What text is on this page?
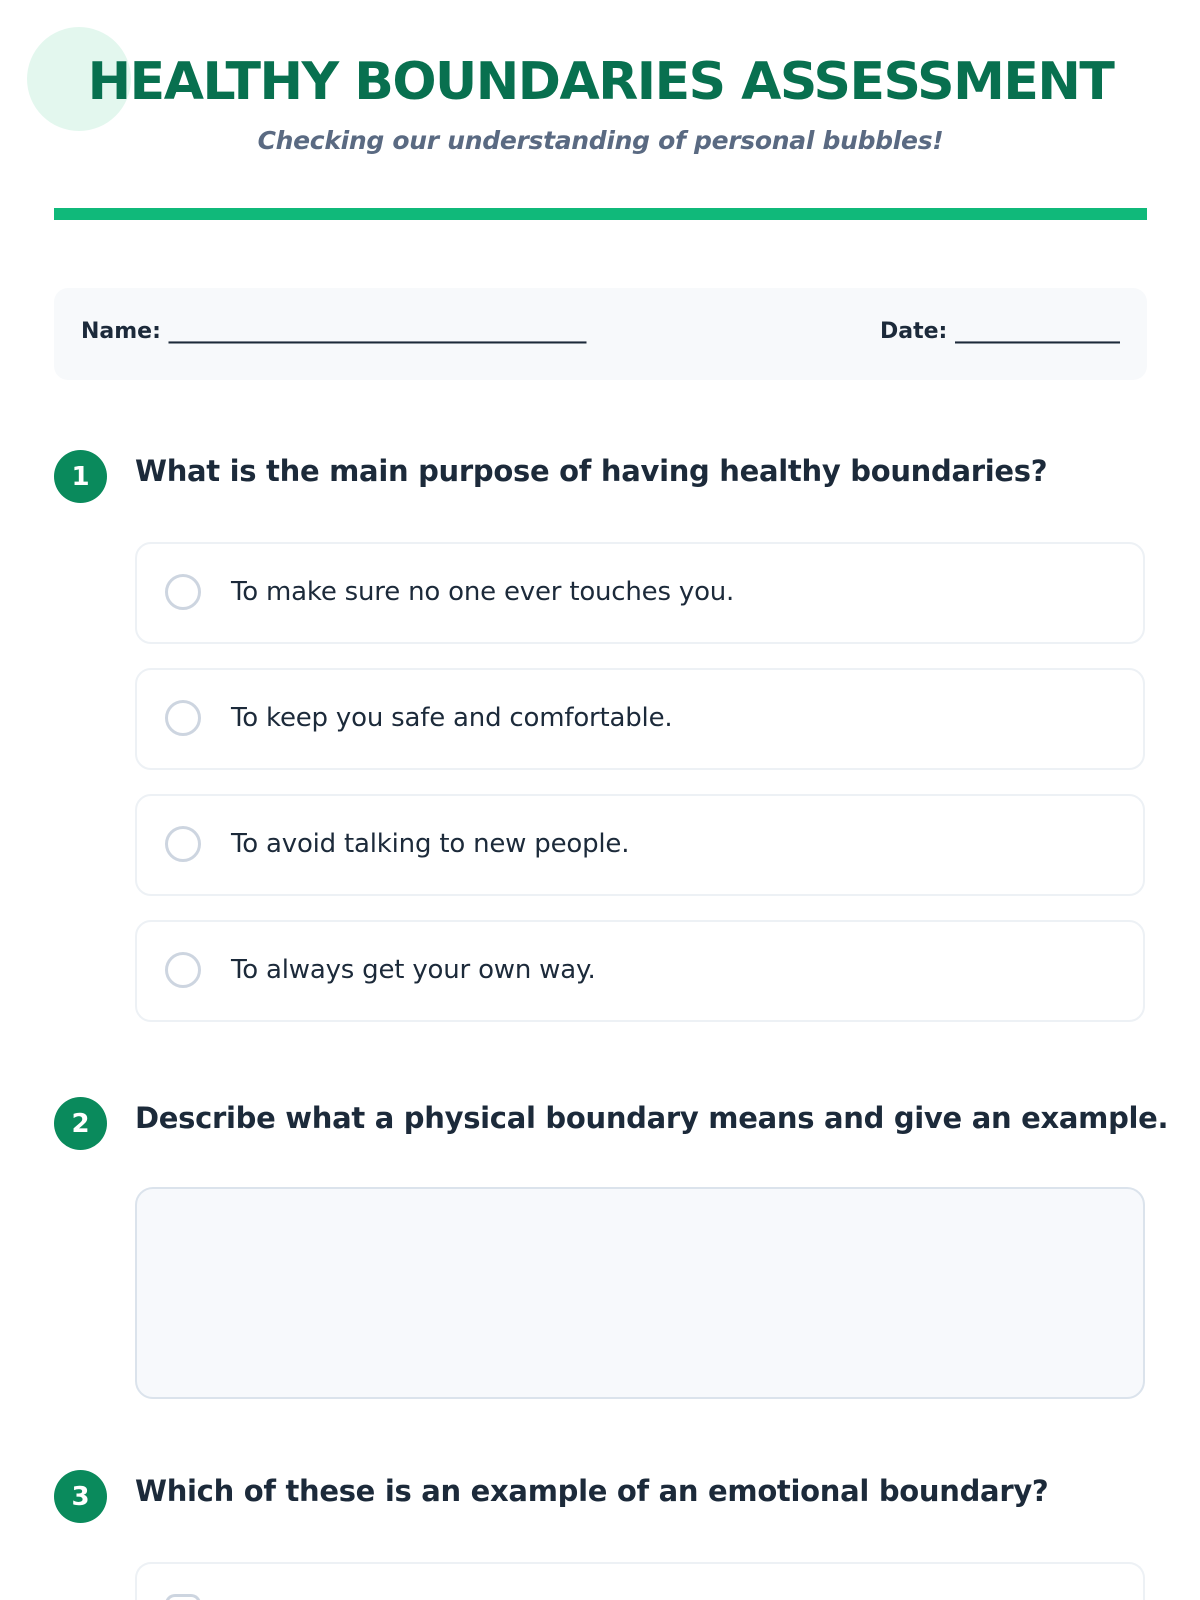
HEALTHY BOUNDARIES ASSESSMENT

Checking our understanding of personal bubbles!

Name: ______________________________________	Date: _______________
1	What is the main purpose of having healthy boundaries?
To make sure no one ever touches you.
To keep you safe and comfortable.
To avoid talking to new people.
To always get your own way.
2	Describe what a physical boundary means and give an example.
3	Which of these is an example of an emotional boundary?
